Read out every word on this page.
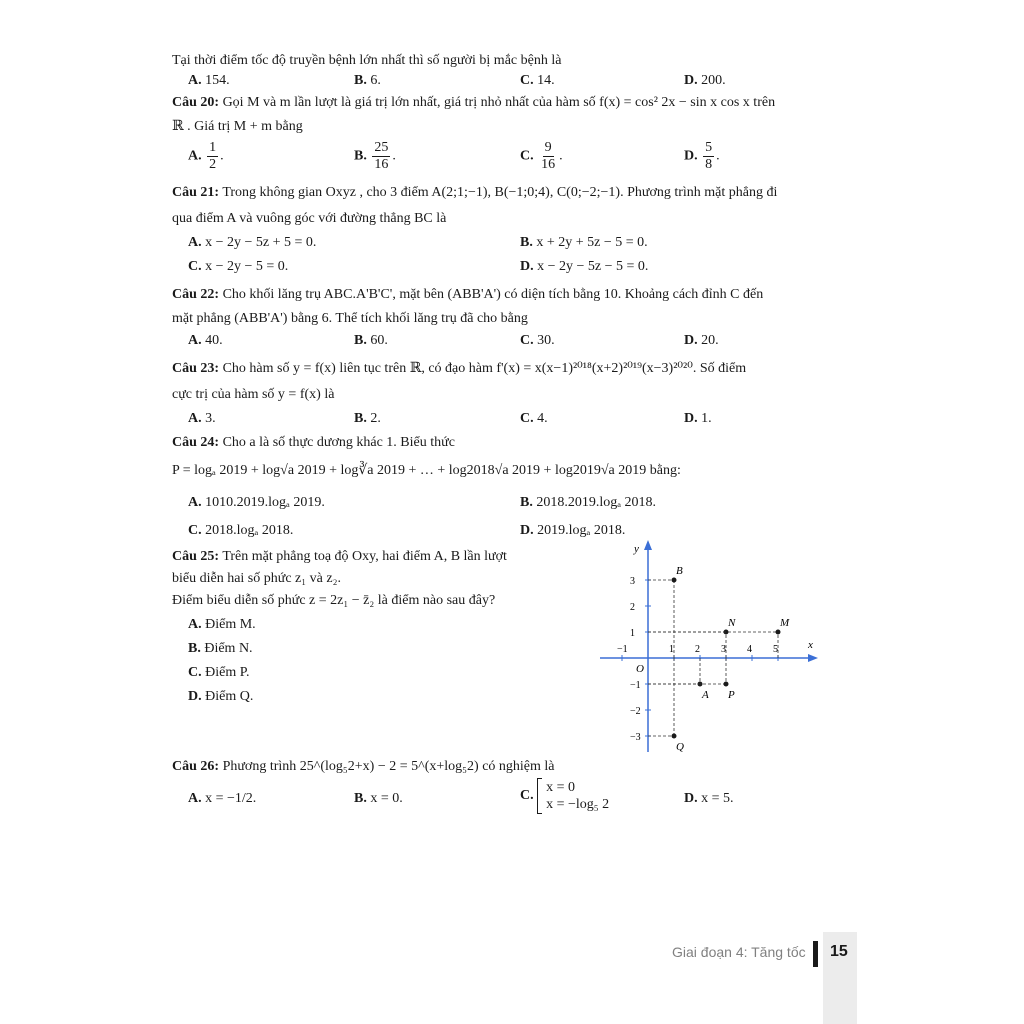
Tại thời điểm tốc độ truyền bệnh lớn nhất thì số người bị mắc bệnh là
A. 154.	B. 6.	C. 14.	D. 200.
Câu 20: Gọi M và m lần lượt là giá trị lớn nhất, giá trị nhỏ nhất của hàm số f(x) = cos² 2x − sin x cos x trên
ℝ . Giá trị M + m bằng
A. $\frac{1}{2}$ .	B. $\frac{25}{16}$ .	C. $\frac{9}{16}$ .	D. $\frac{5}{8}$ .
Câu 21: Trong không gian Oxyz , cho 3 điểm A(2;1;−1), B(−1;0;4), C(0;−2;−1). Phương trình mặt phẳng đi
qua điểm A và vuông góc với đường thẳng BC là
A. x − 2y − 5z + 5 = 0.	B. x + 2y + 5z − 5 = 0.
C. x − 2y − 5 = 0.	D. x − 2y − 5z − 5 = 0.
Câu 22: Cho khối lăng trụ ABC.A'B'C', mặt bên (ABB'A') có diện tích bằng 10. Khoảng cách đỉnh C đến
mặt phẳng (ABB'A') bằng 6. Thể tích khối lăng trụ đã cho bằng
A. 40.	B. 60.	C. 30.	D. 20.
Câu 23: Cho hàm số y = f(x) liên tục trên ℝ, có đạo hàm f'(x) = x(x−1)²⁰¹⁸(x+2)²⁰¹⁹(x−3)²⁰²⁰. Số điểm
cực trị của hàm số y = f(x) là
A. 3.	B. 2.	C. 4.	D. 1.
Câu 24: Cho a là số thực dương khác 1. Biểu thức
P = logₐ 2019 + log√a 2019 + log∛a 2019 + … + log2018√a 2019 + log2019√a 2019 bằng:
A. 1010.2019.logₐ 2019.	B. 2018.2019.logₐ 2018.
C. 2018.logₐ 2018.	D. 2019.logₐ 2018.
Câu 25: Trên mặt phẳng toạ độ Oxy, hai điểm A, B lần lượt
biểu diễn hai số phức z₁ và z₂.
Điểm biểu diễn số phức z = 2z₁ − z̄₂ là điểm nào sau đây?
A. Điểm M.
B. Điểm N.
C. Điểm P.
D. Điểm Q.
x
y
O
−1	1 2 3 4 5
3
2
1
−1
−2
−3
B
N	M
A P
Q
Câu 26: Phương trình 25^(log₅2+x) − 2 = 5^(x+log₅2) có nghiệm là
A. x = −1/2.	B. x = 0.	C.
x = 0
x = −log₅ 2	D. x = 5.
Giai đoạn 4: Tăng tốc 15
